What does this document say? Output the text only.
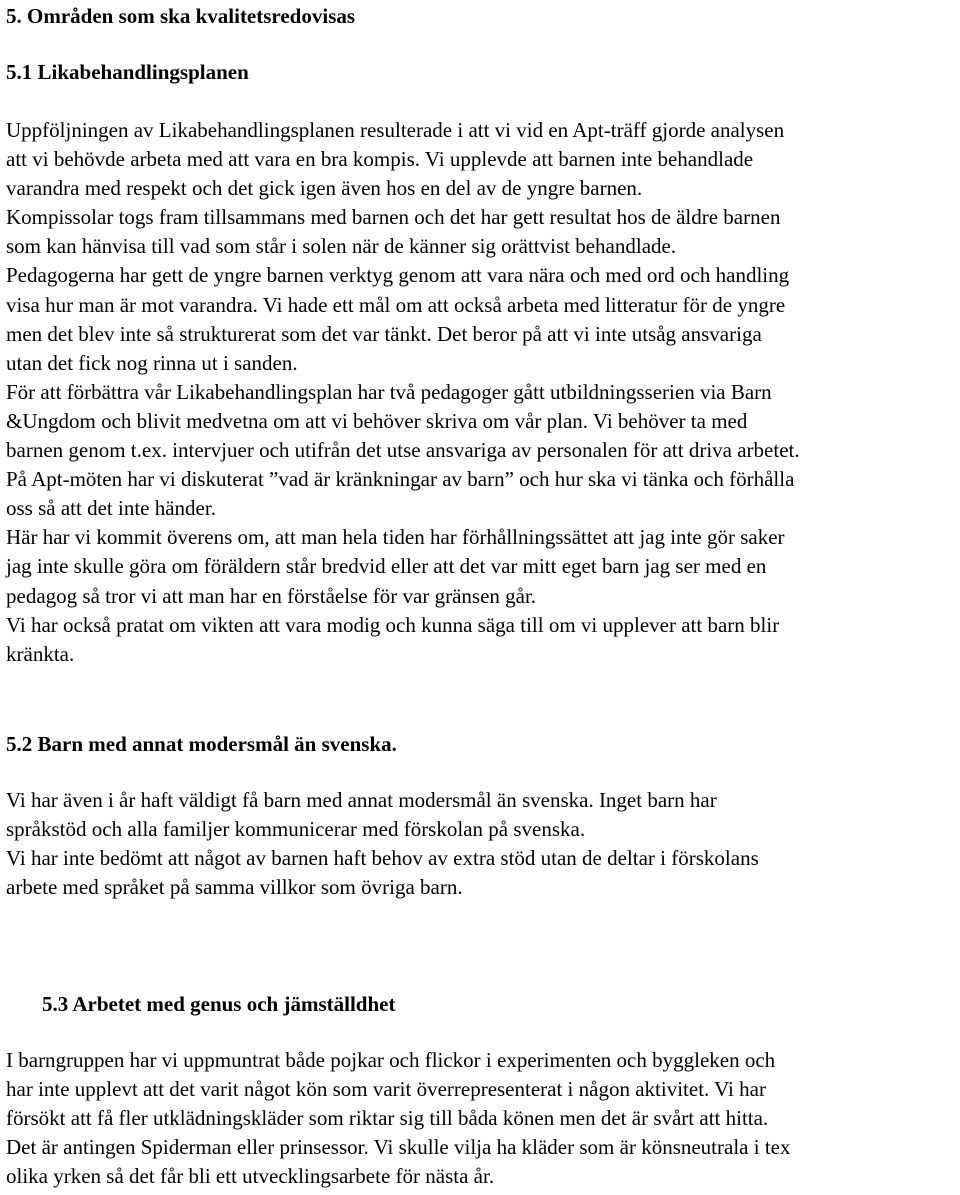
5. Områden som ska kvalitetsredovisas
5.1 Likabehandlingsplanen
Uppföljningen av Likabehandlingsplanen resulterade i att vi vid en Apt-träff gjorde analysen
att vi behövde arbeta med att vara en bra kompis. Vi upplevde att barnen inte behandlade
varandra med respekt och det gick igen även hos en del av de yngre barnen.
Kompissolar togs fram tillsammans med barnen och det har gett resultat hos de äldre barnen
som kan hänvisa till vad som står i solen när de känner sig orättvist behandlade.
Pedagogerna har gett de yngre barnen verktyg genom att vara nära och med ord och handling
visa hur man är mot varandra. Vi hade ett mål om att också arbeta med litteratur för de yngre
men det blev inte så strukturerat som det var tänkt. Det beror på att vi inte utsåg ansvariga
utan det fick nog rinna ut i sanden.
För att förbättra vår Likabehandlingsplan har två pedagoger gått utbildningsserien via Barn
&Ungdom och blivit medvetna om att vi behöver skriva om vår plan. Vi behöver ta med
barnen genom t.ex. intervjuer och utifrån det utse ansvariga av personalen för att driva arbetet.
På Apt-möten har vi diskuterat ”vad är kränkningar av barn” och hur ska vi tänka och förhålla
oss så att det inte händer.
Här har vi kommit överens om, att man hela tiden har förhållningssättet att jag inte gör saker
jag inte skulle göra om föräldern står bredvid eller att det var mitt eget barn jag ser med en
pedagog så tror vi att man har en förståelse för var gränsen går.
Vi har också pratat om vikten att vara modig och kunna säga till om vi upplever att barn blir
kränkta.
5.2 Barn med annat modersmål än svenska.
Vi har även i år haft väldigt få barn med annat modersmål än svenska. Inget barn har
språkstöd och alla familjer kommunicerar med förskolan på svenska.
Vi har inte bedömt att något av barnen haft behov av extra stöd utan de deltar i förskolans
arbete med språket på samma villkor som övriga barn.
5.3 Arbetet med genus och jämställdhet
I barngruppen har vi uppmuntrat både pojkar och flickor i experimenten och byggleken och
har inte upplevt att det varit något kön som varit överrepresenterat i någon aktivitet. Vi har
försökt att få fler utklädningskläder som riktar sig till båda könen men det är svårt att hitta.
Det är antingen Spiderman eller prinsessor. Vi skulle vilja ha kläder som är könsneutrala i tex
olika yrken så det får bli ett utvecklingsarbete för nästa år.
